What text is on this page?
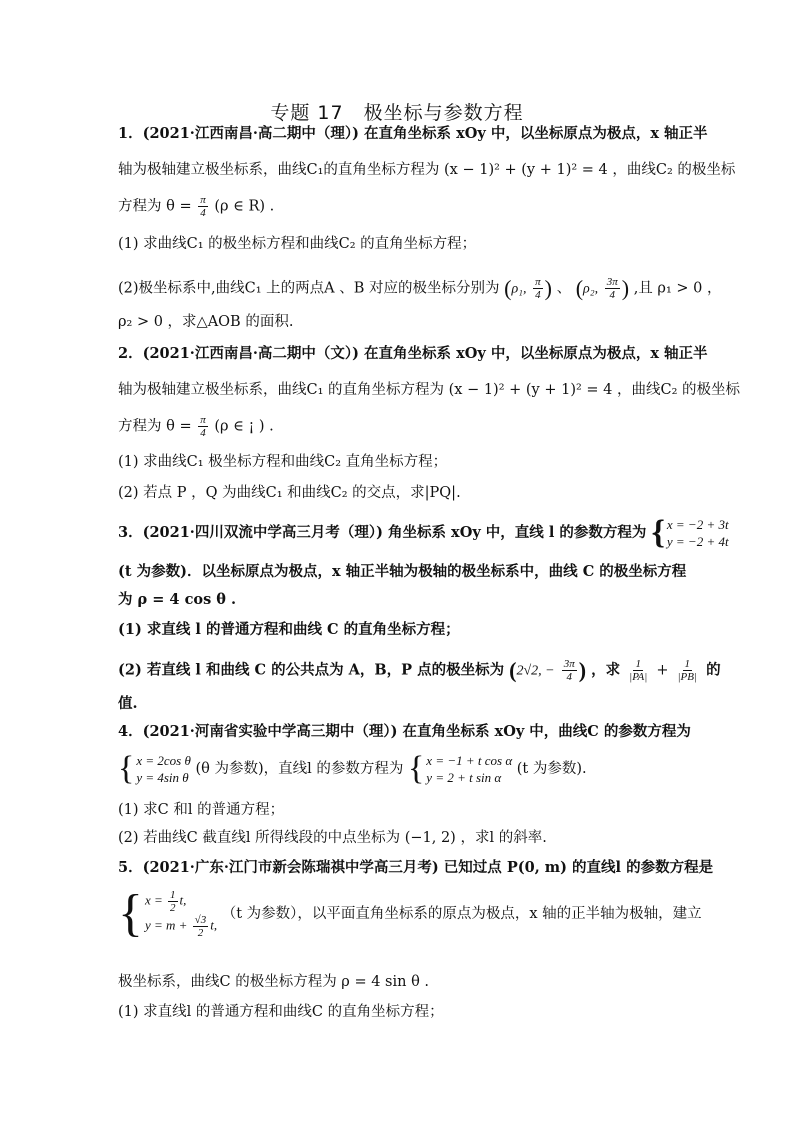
专题 17　极坐标与参数方程
1．(2021·江西南昌·高二期中（理）) 在直角坐标系 xOy 中，以坐标原点为极点，x 轴正半
轴为极轴建立极坐标系，曲线C₁的直角坐标方程为 (x − 1)² + (y + 1)² = 4 ，曲线C₂ 的极坐标
方程为 $\theta = \frac{\pi}{4} (\rho$ ∈ R) .
(1) 求曲线C₁ 的极坐标方程和曲线C₂ 的直角坐标方程；
(2)极坐标系中,曲线C₁ 上的两点A 、B 对应的极坐标分别为 (ρ₁, $\frac{\pi}{4}$ ) 、 (ρ₂, $\frac{3\pi}{4}$ ) ,且 ρ₁ > 0 ，
ρ₂ > 0 ，求△AOB 的面积.
2．(2021·江西南昌·高二期中（文）) 在直角坐标系 xOy 中，以坐标原点为极点，x 轴正半
轴为极轴建立极坐标系，曲线C₁ 的直角坐标方程为 (x − 1)² + (y + 1)² = 4 ，曲线C₂ 的极坐标
方程为 $\theta = \frac{\pi}{4} (\rho$ ∈ ¡ ) .
(1) 求曲线C₁ 极坐标方程和曲线C₂ 直角坐标方程；
(2) 若点 P ，Q 为曲线C₁ 和曲线C₂ 的交点，求|PQ|.
3．(2021·四川双流中学高三月考（理）) 角坐标系 xOy 中，直线 l 的参数方程为 { x = −2 + 3t
y = −2 + 4t
(t 为参数)．以坐标原点为极点，x 轴正半轴为极轴的极坐标系中，曲线 C 的极坐标方程
为 ρ = 4 cos θ .
(1) 求直线 l 的普通方程和曲线 C 的直角坐标方程；
(2) 若直线 l 和曲线 C 的公共点为 A，B，P 点的极坐标为 (2√2, − $\frac{3\pi}{4}$ ) ，求 $\frac{1}{|PA|} + \frac{1}{|PB|}$ 的
值.
4．(2021·河南省实验中学高三期中（理）) 在直角坐标系 xOy 中，曲线C 的参数方程为
{ x = 2cos θ
y = 4sin θ
(θ 为参数)，直线l 的参数方程为 { x = −1 + t cos α
y = 2 + t sin α
(t 为参数).
(1) 求C 和l 的普通方程；
(2) 若曲线C 截直线l 所得线段的中点坐标为 (−1, 2) ，求l 的斜率.
5．(2021·广东·江门市新会陈瑞祺中学高三月考) 已知过点 P(0, m) 的直线l 的参数方程是
{ $x = \frac{1}{2} t$,
$y = m + \frac{√3}{2} t$,
（t 为参数），以平面直角坐标系的原点为极点，x 轴的正半轴为极轴，建立
极坐标系，曲线C 的极坐标方程为 ρ = 4 sin θ .
(1) 求直线l 的普通方程和曲线C 的直角坐标方程；
